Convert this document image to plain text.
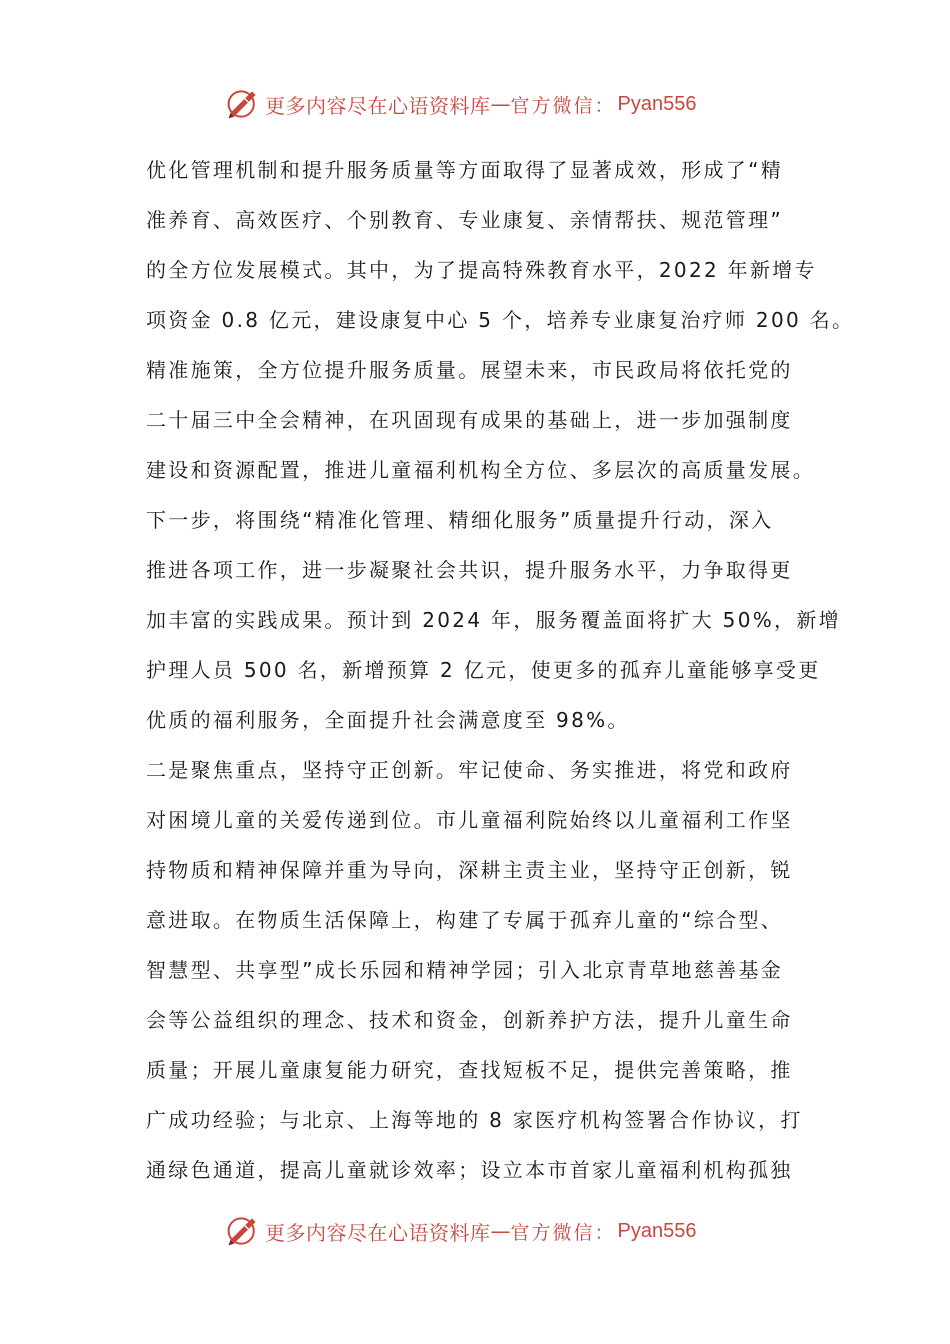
更多内容尽在心语资料库 — 官方微信： Pyan556
优化管理机制和提升服务质量等方面取得了显著成效，形成了“精
准养育、高效医疗、个别教育、专业康复、亲情帮扶、规范管理”
的全方位发展模式。其中，为了提高特殊教育水平，2022 年新增专
项资金 0.8 亿元，建设康复中心 5 个，培养专业康复治疗师 200 名。
精准施策，全方位提升服务质量。展望未来，市民政局将依托党的
二十届三中全会精神，在巩固现有成果的基础上，进一步加强制度
建设和资源配置，推进儿童福利机构全方位、多层次的高质量发展。
下一步，将围绕“精准化管理、精细化服务”质量提升行动，深入
推进各项工作，进一步凝聚社会共识，提升服务水平，力争取得更
加丰富的实践成果。预计到 2024 年，服务覆盖面将扩大 50%，新增
护理人员 500 名，新增预算 2 亿元，使更多的孤弃儿童能够享受更
优质的福利服务，全面提升社会满意度至 98%。
二是聚焦重点，坚持守正创新。牢记使命、务实推进，将党和政府
对困境儿童的关爱传递到位。市儿童福利院始终以儿童福利工作坚
持物质和精神保障并重为导向，深耕主责主业，坚持守正创新，锐
意进取。在物质生活保障上，构建了专属于孤弃儿童的“综合型、
智慧型、共享型”成长乐园和精神学园；引入北京青草地慈善基金
会等公益组织的理念、技术和资金，创新养护方法，提升儿童生命
质量；开展儿童康复能力研究，查找短板不足，提供完善策略，推
广成功经验；与北京、上海等地的 8 家医疗机构签署合作协议，打
通绿色通道，提高儿童就诊效率；设立本市首家儿童福利机构孤独
更多内容尽在心语资料库 — 官方微信： Pyan556
